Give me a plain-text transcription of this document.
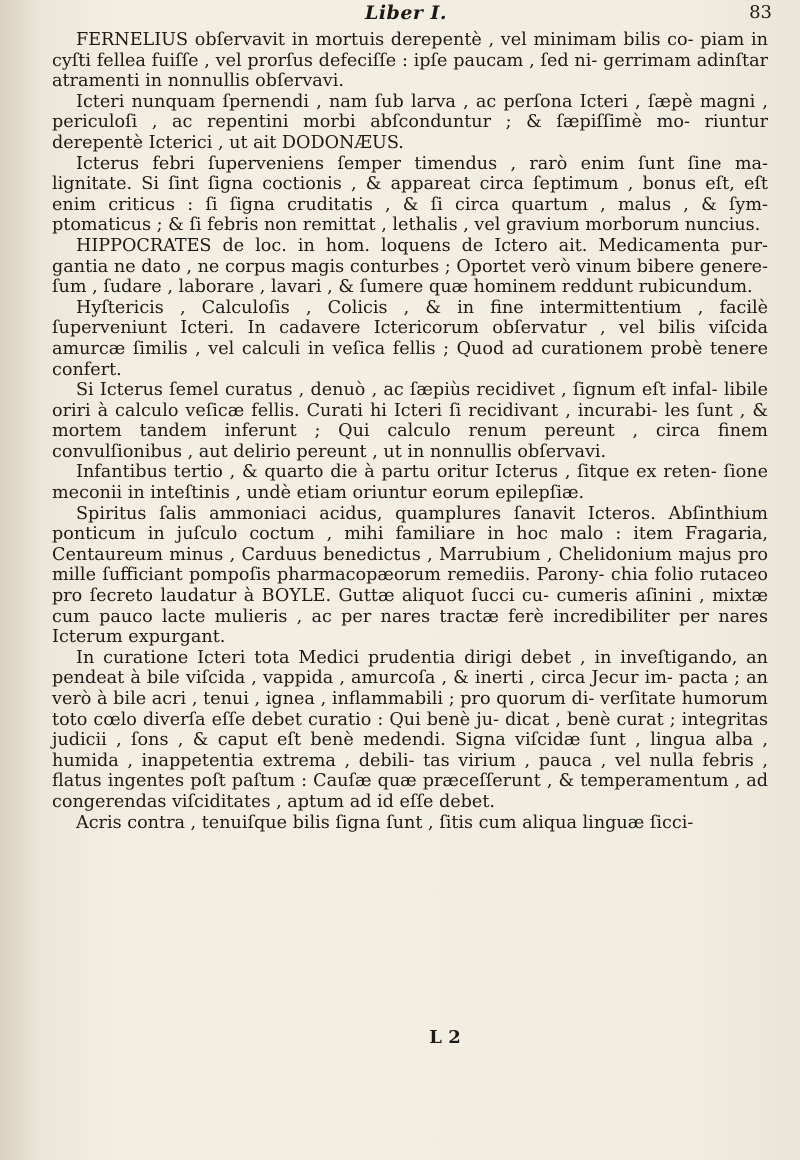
Liber I.	83

FERNELIUS obſervavit in mortuis derepentè , vel minimam bilis co- piam in cyſti fellea fuiſſe , vel prorſus defeciſſe : ipſe paucam , ſed ni- gerrimam adinſtar atramenti in nonnullis obſervavi.

Icteri nunquam ſpernendi , nam ſub larva , ac perſona Icteri , ſæpè magni , periculoſi , ac repentini morbi abſconduntur ; & ſæpiſſimè mo- riuntur derepentè Icterici , ut ait DODONÆUS.

Icterus febri ſuperveniens ſemper timendus , rarò enim ſunt ſine ma- lignitate. Si ſint ſigna coctionis , & appareat circa ſeptimum , bonus eſt, eſt enim criticus : ſi ſigna cruditatis , & ſi circa quartum , malus , & ſym- ptomaticus ; & ſi febris non remittat , lethalis , vel gravium morborum nuncius.

HIPPOCRATES de loc. in hom. loquens de Ictero ait. Medicamenta pur- gantia ne dato , ne corpus magis conturbes ; Oportet verò vinum bibere genere- ſum , ſudare , laborare , lavari , & ſumere quæ hominem reddunt rubicundum.

Hyſtericis , Calculoſis , Colicis , & in fine intermittentium , facilè ſuperveniunt Icteri. In cadavere Ictericorum obſervatur , vel bilis viſcida amurcæ ſimilis , vel calculi in veſica fellis ; Quod ad curationem probè tenere confert.

Si Icterus ſemel curatus , denuò , ac ſæpiùs recidivet , ſignum eſt infal- libile oriri à calculo veſicæ fellis. Curati hi Icteri ſi recidivant , incurabi- les ſunt , & mortem tandem inferunt ; Qui calculo renum pereunt , circa finem convulſionibus , aut delirio pereunt , ut in nonnullis obſervavi.

Infantibus tertio , & quarto die à partu oritur Icterus , ſitque ex reten- ſione meconii in inteſtinis , undè etiam oriuntur eorum epilepſiæ.

Spiritus ſalis ammoniaci acidus, quamplures ſanavit Icteros. Abſinthium ponticum in juſculo coctum , mihi familiare in hoc malo : item Fragaria, Centaureum minus , Carduus benedictus , Marrubium , Chelidonium majus pro mille ſufficiant pompoſis pharmacopæorum remediis. Parony- chia folio rutaceo pro ſecreto laudatur à BOYLE. Guttæ aliquot ſucci cu- cumeris aſinini , mixtæ cum pauco lacte mulieris , ac per nares tractæ ferè incredibiliter per nares Icterum expurgant.

In curatione Icteri tota Medici prudentia dirigi debet , in inveſtigando, an pendeat à bile viſcida , vappida , amurcoſa , & inerti , circa Jecur im- pacta ; an verò à bile acri , tenui , ignea , inflammabili ; pro quorum di- verſitate humorum toto cœlo diverſa eſſe debet curatio : Qui benè ju- dicat , benè curat ; integritas judicii , ſons , & caput eſt benè medendi. Signa viſcidæ ſunt , lingua alba , humida , inappetentia extrema , debili- tas virium , pauca , vel nulla febris , flatus ingentes poſt paſtum : Cauſæ quæ præceſſerunt , & temperamentum , ad congerendas viſciditates , aptum ad id eſſe debet.

Acris contra , tenuiſque bilis ſigna ſunt , ſitis cum aliqua linguæ ſicci-

L 2
